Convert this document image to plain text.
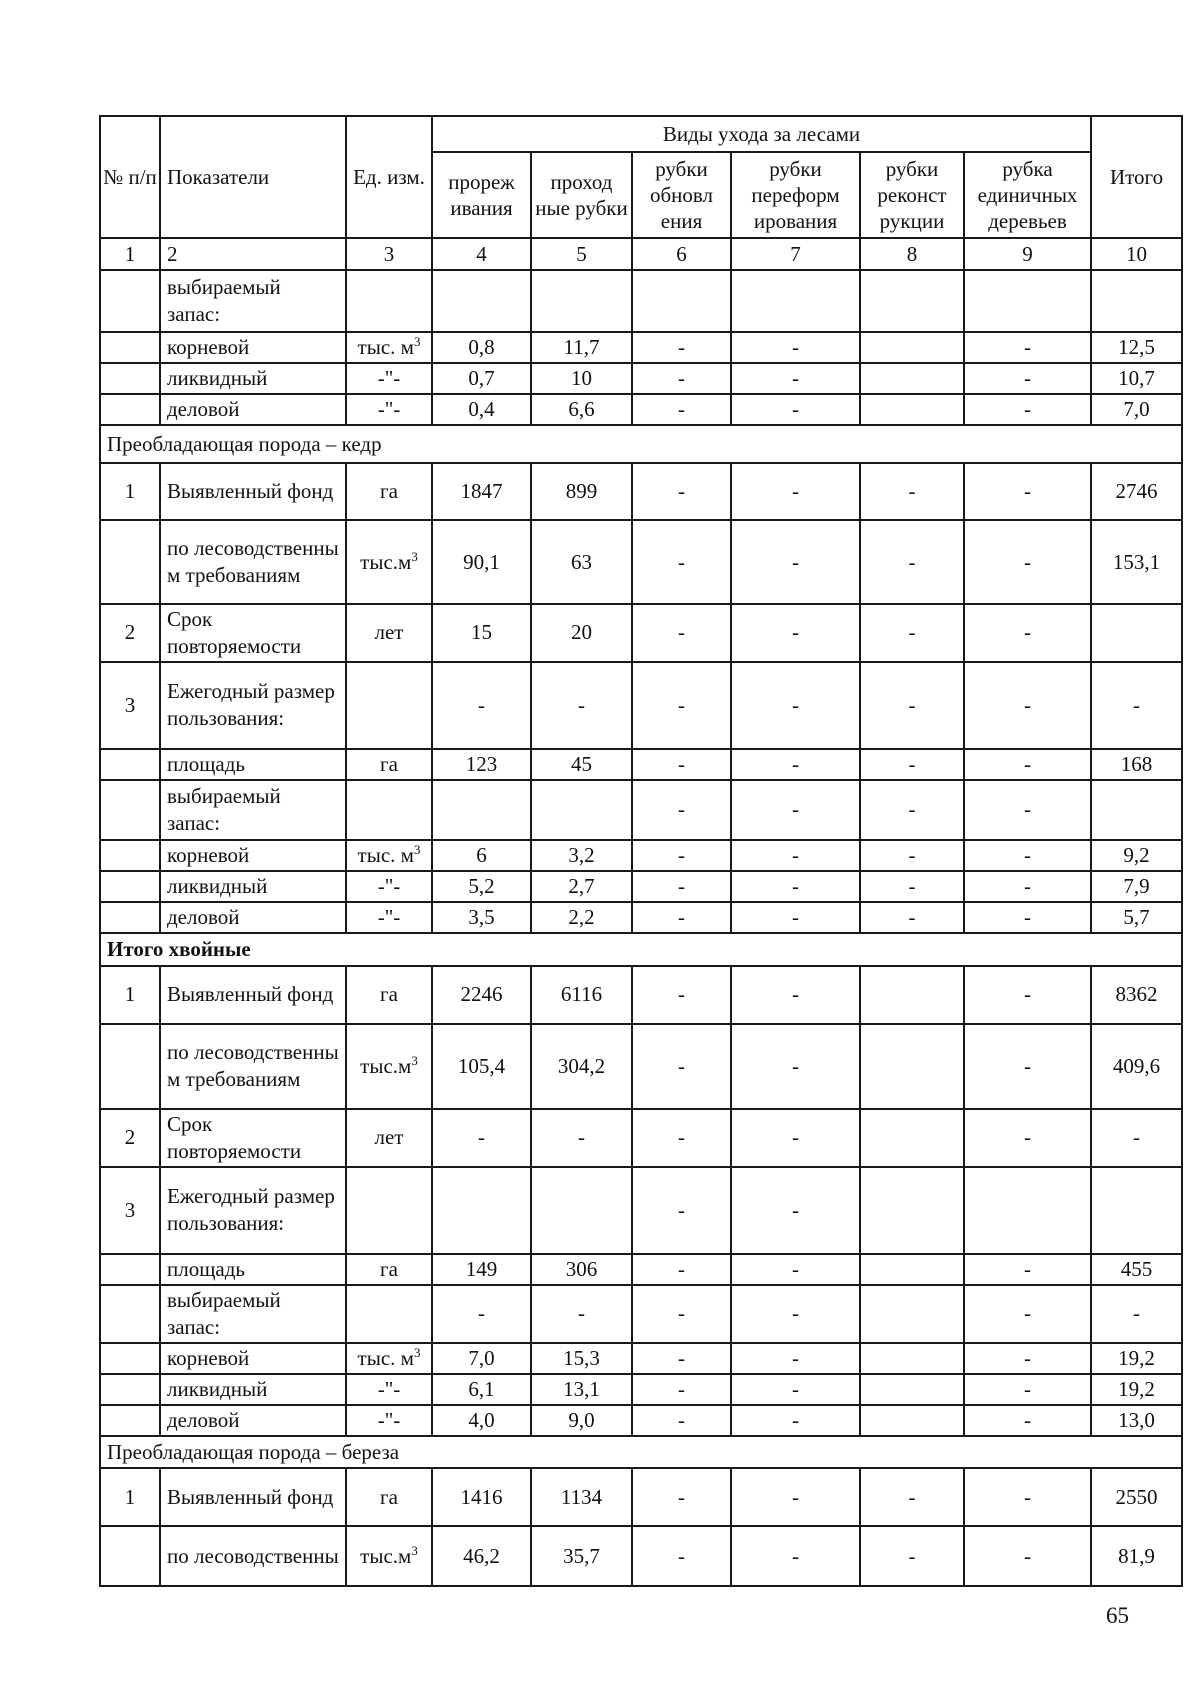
№ п/п	Показатели	Ед. изм.	Виды ухода за лесами						Итого
			прореж ивания	проход ные рубки	рубки обновл ения	рубки переформ ирования	рубки реконст рукции	рубка единичных деревьев	
1	2	3	4	5	6	7	8	9	10
	выбираемый запас:								
	корневой	тыс. $м^3$	0,8	11,7	-	-		-	12,5
	ликвидный	-"-	0,7	10	-	-		-	10,7
	деловой	-"-	0,4	6,6	-	-		-	7,0
Преобладающая порода – кедр									
1	Выявленный фонд	га	1847	899	-	-	-	-	2746
	по лесоводственны м требованиям	$тыс.м^3$	90,1	63	-	-	-	-	153,1
2	Срок повторяемости	лет	15	20	-	-	-	-	
3	Ежегодный размер пользования:		-	-	-	-	-	-	-
	площадь	га	123	45	-	-	-	-	168
	выбираемый запас:				-	-	-	-	
	корневой	тыс. $м^3$	6	3,2	-	-	-	-	9,2
	ликвидный	-"-	5,2	2,7	-	-	-	-	7,9
	деловой	-"-	3,5	2,2	-	-	-	-	5,7
Итого хвойные									
1	Выявленный фонд	га	2246	6116	-	-		-	8362
	по лесоводственны м требованиям	$тыс.м^3$	105,4	304,2	-	-		-	409,6
2	Срок повторяемости	лет	-	-	-	-		-	-
3	Ежегодный размер пользования:				-	-			
	площадь	га	149	306	-	-		-	455
	выбираемый запас:		-	-	-	-		-	-
	корневой	тыс. $м^3$	7,0	15,3	-	-		-	19,2
	ликвидный	-"-	6,1	13,1	-	-		-	19,2
	деловой	-"-	4,0	9,0	-	-		-	13,0
Преобладающая порода – береза									
1	Выявленный фонд	га	1416	1134	-	-	-	-	2550
	по лесоводственны	$тыс.м^3$	46,2	35,7	-	-	-	-	81,9
65
